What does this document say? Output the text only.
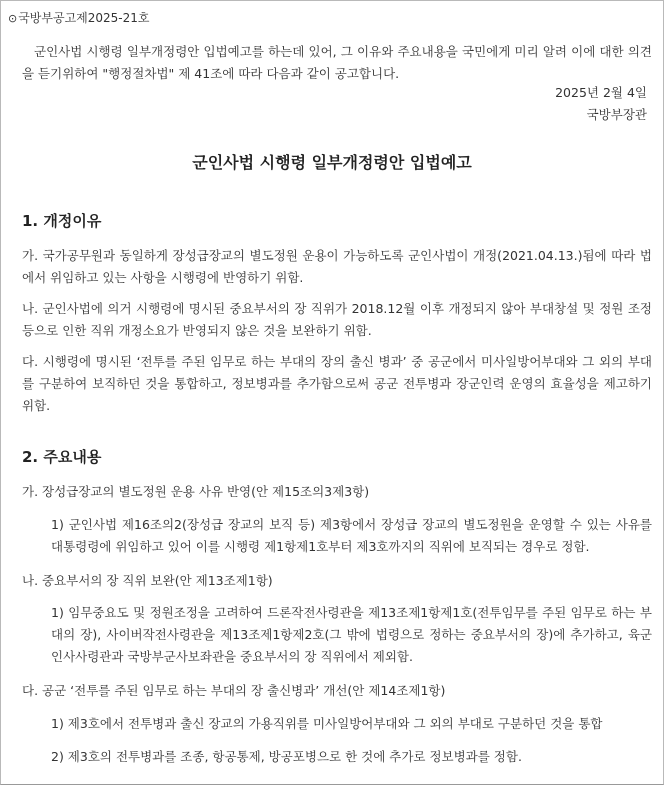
⊙국방부공고제2025-21호
군인사법 시행령 일부개정령안 입법예고를 하는데 있어, 그 이유와 주요내용을 국민에게 미리 알려 이에 대한 의견을 듣기위하여 "행정절차법" 제 41조에 따라 다음과 같이 공고합니다.
2025년 2월 4일
국방부장관
군인사법 시행령 일부개정령안 입법예고
1. 개정이유
가. 국가공무원과 동일하게 장성급장교의 별도정원 운용이 가능하도록 군인사법이 개정(2021.04.13.)됨에 따라 법에서 위임하고 있는 사항을 시행령에 반영하기 위함.
나. 군인사법에 의거 시행령에 명시된 중요부서의 장 직위가 2018.12월 이후 개정되지 않아 부대창설 및 정원 조정 등으로 인한 직위 개정소요가 반영되지 않은 것을 보완하기 위함.
다. 시행령에 명시된 ‘전투를 주된 임무로 하는 부대의 장의 출신 병과’ 중 공군에서 미사일방어부대와 그 외의 부대를 구분하여 보직하던 것을 통합하고, 정보병과를 추가함으로써 공군 전투병과 장군인력 운영의 효율성을 제고하기 위함.
2. 주요내용
가. 장성급장교의 별도정원 운용 사유 반영(안 제15조의3제3항)
1) 군인사법 제16조의2(장성급 장교의 보직 등) 제3항에서 장성급 장교의 별도정원을 운영할 수 있는 사유를 대통령령에 위임하고 있어 이를 시행령 제1항제1호부터 제3호까지의 직위에 보직되는 경우로 정함.
나. 중요부서의 장 직위 보완(안 제13조제1항)
1) 임무중요도 및 정원조정을 고려하여 드론작전사령관을 제13조제1항제1호(전투임무를 주된 임무로 하는 부대의 장), 사이버작전사령관을 제13조제1항제2호(그 밖에 법령으로 정하는 중요부서의 장)에 추가하고, 육군인사사령관과 국방부군사보좌관을 중요부서의 장 직위에서 제외함.
다. 공군 ‘전투를 주된 임무로 하는 부대의 장 출신병과’ 개선(안 제14조제1항)
1) 제3호에서 전투병과 출신 장교의 가용직위를 미사일방어부대와 그 외의 부대로 구분하던 것을 통합
2) 제3호의 전투병과를 조종, 항공통제, 방공포병으로 한 것에 추가로 정보병과를 정함.
